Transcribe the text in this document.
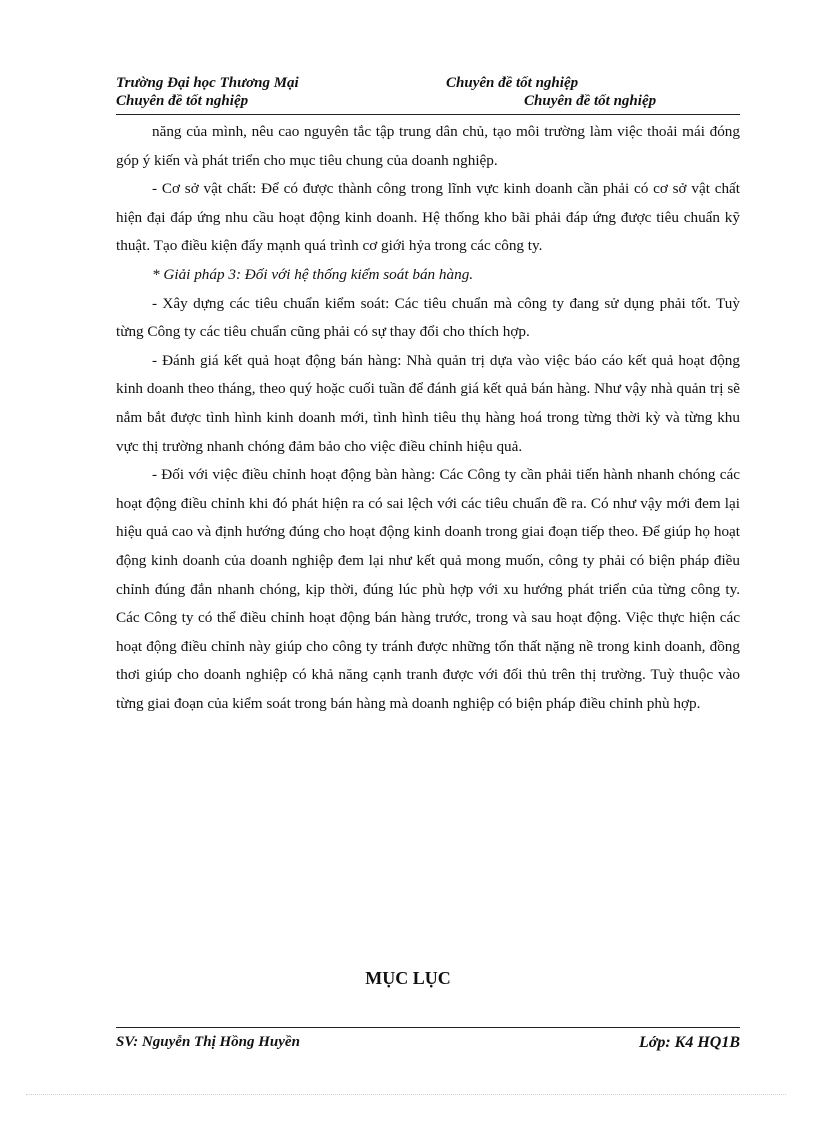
Trường Đại học Thương Mại	Chuyên đề tốt nghiệp
Chuyên đề tốt nghiệp	Chuyên đề tốt nghiệp

năng của mình, nêu cao nguyên tắc tập trung dân chủ, tạo môi trường làm việc thoải mái đóng góp ý kiến và phát triển cho mục tiêu chung của doanh nghiệp.

- Cơ sở vật chất: Để có được thành công trong lĩnh vực kinh doanh cần phải có cơ sở vật chất hiện đại đáp ứng nhu cầu hoạt động kinh doanh. Hệ thống kho bãi phải đáp ứng được tiêu chuẩn kỹ thuật. Tạo điều kiện đẩy mạnh quá trình cơ giới hỷa trong các công ty.

* Giải pháp 3: Đối với hệ thống kiểm soát bán hàng.

- Xây dựng các tiêu chuẩn kiểm soát: Các tiêu chuẩn mà công ty đang sử dụng phải tốt. Tuỳ từng Công ty các tiêu chuẩn cũng phải có sự thay đổi cho thích hợp.

- Đánh giá kết quả hoạt động bán hàng: Nhà quản trị dựa vào việc báo cáo kết quả hoạt động kinh doanh theo tháng, theo quý hoặc cuối tuần để đánh giá kết quả bán hàng. Như vậy nhà quản trị sẽ nắm bắt được tình hình kinh doanh mới, tình hình tiêu thụ hàng hoá trong từng thời kỳ và từng khu vực thị trường nhanh chóng đảm bảo cho việc điều chỉnh hiệu quả.

- Đối với việc điều chỉnh hoạt động bàn hàng: Các Công ty cần phải tiến hành nhanh chóng các hoạt động điều chỉnh khi đó phát hiện ra có sai lệch với các tiêu chuẩn đề ra. Có như vậy mới đem lại hiệu quả cao và định hướng đúng cho hoạt động kinh doanh trong giai đoạn tiếp theo. Để giúp họ hoạt động kinh doanh của doanh nghiệp đem lại như kết quả mong muốn, công ty phải có biện pháp điều chỉnh đúng đắn nhanh chóng, kịp thời, đúng lúc phù hợp với xu hướng phát triển của từng công ty. Các Công ty có thể điều chỉnh hoạt động bán hàng trước, trong và sau hoạt động. Việc thực hiện các hoạt động điều chỉnh này giúp cho công ty tránh được những tổn thất nặng nề trong kinh doanh, đồng thơi giúp cho doanh nghiệp có khả năng cạnh tranh được với đối thủ trên thị trường. Tuỳ thuộc vào từng giai đoạn của kiểm soát trong bán hàng mà doanh nghiệp có biện pháp điều chỉnh phù hợp.

MỤC LỤC
SV: Nguyễn Thị Hồng Huyền	Lớp: K4 HQ1B
